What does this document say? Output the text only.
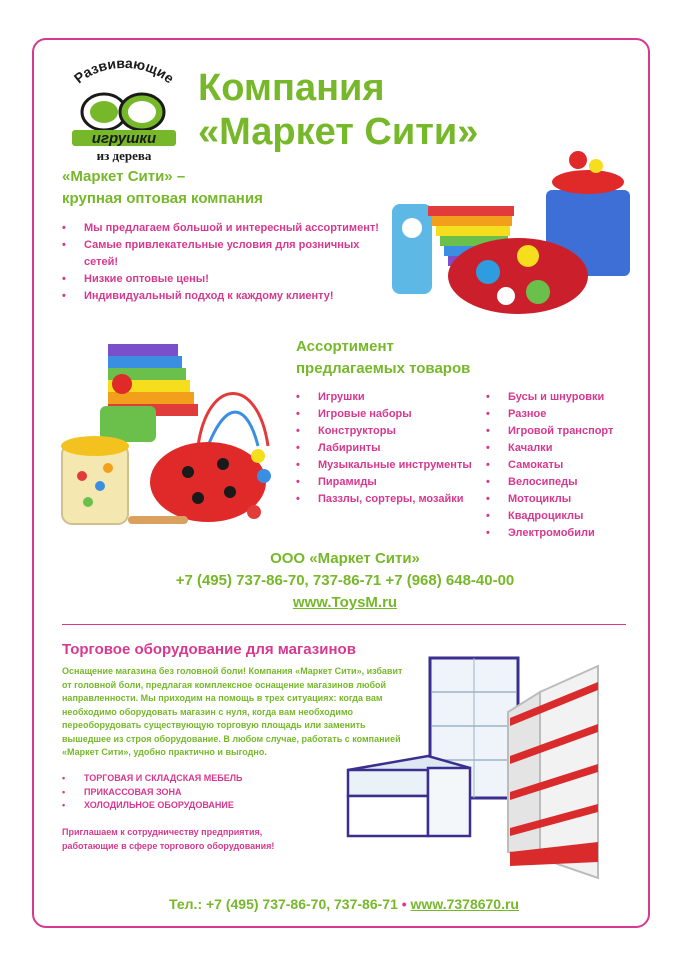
Развивающие
игрушки
из дерева
Компания
«Маркет Сити»
«Маркет Сити» –
крупная оптовая компания
• Мы предлагаем большой и интересный ассортимент!
• Самые привлекательные условия для розничных сетей!
• Низкие оптовые цены!
• Индивидуальный подход к каждому клиенту!
Ассортимент
предлагаемых товаров
• Игрушки
• Игровые наборы
• Конструкторы
• Лабиринты
• Музыкальные инструменты
• Пирамиды
• Паззлы, сортеры, мозайки
• Бусы и шнуровки
• Разное
• Игровой транспорт
• Качалки
• Самокаты
• Велосипеды
• Мотоциклы
• Квадроциклы
• Электромобили
ООО «Маркет Сити»
+7 (495) 737-86-70, 737-86-71 +7 (968) 648-40-00
www.ToysM.ru
Торговое оборудование для магазинов
Оснащение магазина без головной боли! Компания «Маркет Сити», избавит от головной боли, предлагая комплексное оснащение магазинов любой направленности. Мы приходим на помощь в трех ситуациях: когда вам необходимо оборудовать магазин с нуля, когда вам необходимо переоборудовать существующую торговую площадь или заменить вышедшее из строя оборудование. В любом случае, работать с компанией «Маркет Сити», удобно практично и выгодно.
• ТОРГОВАЯ И СКЛАДСКАЯ МЕБЕЛЬ
• ПРИКАССОВАЯ ЗОНА
• ХОЛОДИЛЬНОЕ ОБОРУДОВАНИЕ
Приглашаем к сотрудничеству предприятия,
работающие в сфере торгового оборудования!
Тел.: +7 (495) 737-86-70, 737-86-71 • www.7378670.ru
